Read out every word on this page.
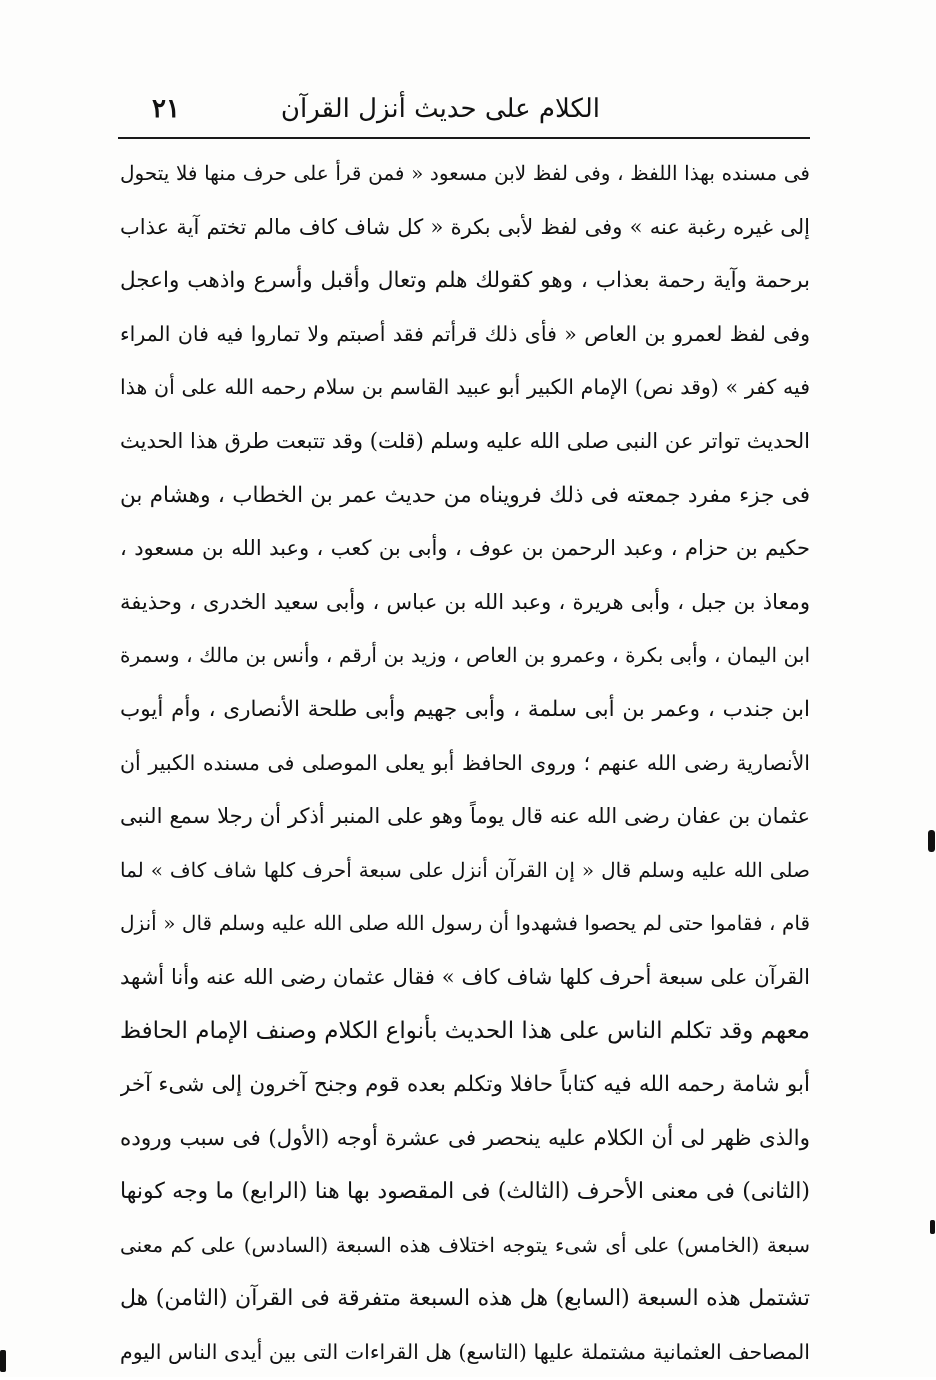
الكلام على حديث أنزل القرآن
٢١
فى مسنده بهذا اللفظ ، وفى لفظ لابن مسعود « فمن قرأ على حرف منها فلا يتحول
إلى غيره رغبة عنه » وفى لفظ لأبى بكرة « كل شاف كاف مالم تختم آية عذاب
برحمة وآية رحمة بعذاب ، وهو كقولك هلم وتعال وأقبل وأسرع واذهب واعجل
وفى لفظ لعمرو بن العاص « فأى ذلك قرأتم فقد أصبتم ولا تماروا فيه فان المراء
فيه كفر » (وقد نص) الإمام الكبير أبو عبيد القاسم بن سلام رحمه الله على أن هذا
الحديث تواتر عن النبى صلى الله عليه وسلم (قلت) وقد تتبعت طرق هذا الحديث
فى جزء مفرد جمعته فى ذلك فرويناه من حديث عمر بن الخطاب ، وهشام بن
حكيم بن حزام ، وعبد الرحمن بن عوف ، وأبى بن كعب ، وعبد الله بن مسعود ،
ومعاذ بن جبل ، وأبى هريرة ، وعبد الله بن عباس ، وأبى سعيد الخدرى ، وحذيفة
ابن اليمان ، وأبى بكرة ، وعمرو بن العاص ، وزيد بن أرقم ، وأنس بن مالك ، وسمرة
ابن جندب ، وعمر بن أبى سلمة ، وأبى جهيم وأبى طلحة الأنصارى ، وأم أيوب
الأنصارية رضى الله عنهم ؛ وروى الحافظ أبو يعلى الموصلى فى مسنده الكبير أن
عثمان بن عفان رضى الله عنه قال يوماً وهو على المنبر أذكر أن رجلا سمع النبى
صلى الله عليه وسلم قال « إن القرآن أنزل على سبعة أحرف كلها شاف كاف » لما
قام ، فقاموا حتى لم يحصوا فشهدوا أن رسول الله صلى الله عليه وسلم قال « أنزل
القرآن على سبعة أحرف كلها شاف كاف » فقال عثمان رضى الله عنه وأنا أشهد
معهم وقد تكلم الناس على هذا الحديث بأنواع الكلام وصنف الإمام الحافظ
أبو شامة رحمه الله فيه كتاباً حافلا وتكلم بعده قوم وجنح آخرون إلى شىء آخر
والذى ظهر لى أن الكلام عليه ينحصر فى عشرة أوجه (الأول) فى سبب وروده
(الثانى) فى معنى الأحرف (الثالث) فى المقصود بها هنا (الرابع) ما وجه كونها
سبعة (الخامس) على أى شىء يتوجه اختلاف هذه السبعة (السادس) على كم معنى
تشتمل هذه السبعة (السابع) هل هذه السبعة متفرقة فى القرآن (الثامن) هل
المصاحف العثمانية مشتملة عليها (التاسع) هل القراءات التى بين أيدى الناس اليوم
